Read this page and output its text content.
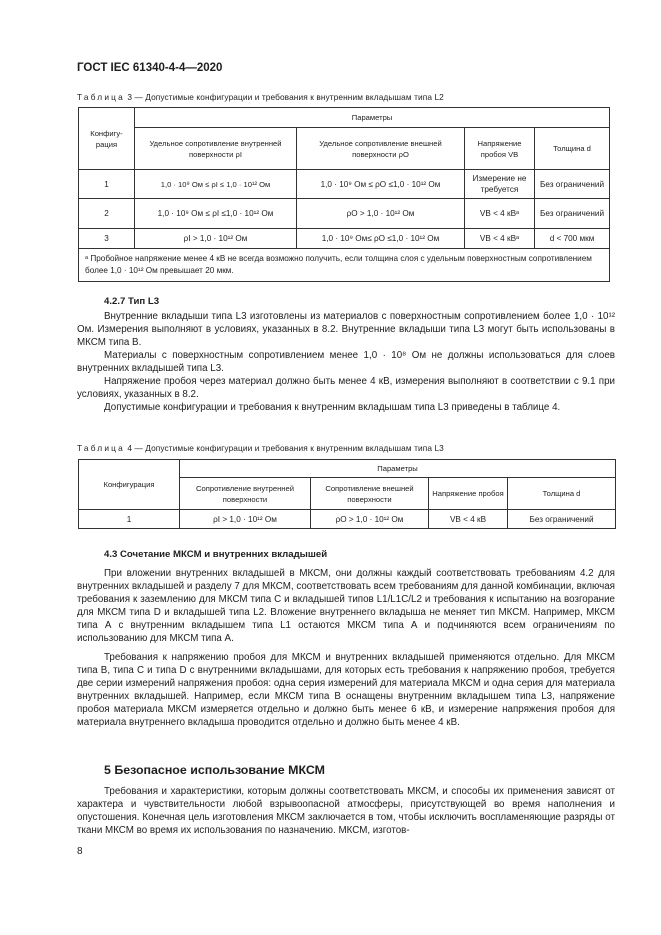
ГОСТ IEC 61340-4-4—2020
Таблица 3 — Допустимые конфигурации и требования к внутренним вкладышам типа L2
Конфигу- рация	Параметры			
	Удельное сопротивление внутренней поверхности ρI	Удельное сопротивление внешней поверхности ρO	Напряжение пробоя VB	Толщина d
1	1,0 · 10⁹ Ом ≤ ρI ≤ 1,0 · 10¹² Ом	1,0 · 10⁹ Ом ≤ ρO ≤1,0 · 10¹² Ом	Измерение не требуется	Без ограничений
2	1,0 · 10⁹ Ом ≤ ρI ≤1,0 · 10¹² Ом	ρO > 1,0 · 10¹² Ом	VB < 4 кВᵃ	Без ограничений
3	ρI > 1,0 · 10¹² Ом	1,0 · 10⁹ Ом≤ ρO ≤1,0 · 10¹² Ом	VB < 4 кВᵃ	d < 700 мкм
ᵃ Пробойное напряжение менее 4 кВ не всегда возможно получить, если толщина слоя с удельным поверхностным сопротивлением более 1,0 · 10¹² Ом превышает 20 мкм.				
4.2.7 Тип L3
Внутренние вкладыши типа L3 изготовлены из материалов с поверхностным сопротивлением более 1,0 · 10¹² Ом. Измерения выполняют в условиях, указанных в 8.2. Внутренние вкладыши типа L3 могут быть использованы в МКСМ типа В.
Материалы с поверхностным сопротивлением менее 1,0 · 10⁸ Ом не должны использоваться для слоев внутренних вкладышей типа L3.
Напряжение пробоя через материал должно быть менее 4 кВ, измерения выполняют в соответствии с 9.1 при условиях, указанных в 8.2.
Допустимые конфигурации и требования к внутренним вкладышам типа L3 приведены в таблице 4.
Таблица 4 — Допустимые конфигурации и требования к внутренним вкладышам типа L3
Конфигурация	Параметры			
	Сопротивление внутренней поверхности	Сопротивление внешней поверхности	Напряжение пробоя	Толщина d
1	ρI > 1,0 · 10¹² Ом	ρO > 1,0 · 10¹² Ом	VB < 4 кВ	Без ограничений
4.3 Сочетание МКСМ и внутренних вкладышей
При вложении внутренних вкладышей в МКСМ, они должны каждый соответствовать требованиям 4.2 для внутренних вкладышей и разделу 7 для МКСМ, соответствовать всем требованиям для данной комбинации, включая требования к заземлению для МКСМ типа С и вкладышей типов L1/L1C/L2 и требования к испытанию на возгорание для МКСМ типа D и вкладышей типа L2. Вложение внутреннего вкладыша не меняет тип МКСМ. Например, МКСМ типа А с внутренним вкладышем типа L1 остаются МКСМ типа А и подчиняются всем ограничениям по использованию для МКСМ типа А.
Требования к напряжению пробоя для МКСМ и внутренних вкладышей применяются отдельно. Для МКСМ типа В, типа С и типа D с внутренними вкладышами, для которых есть требования к напряжению пробоя, требуется две серии измерений напряжения пробоя: одна серия измерений для материала МКСМ и одна серия для материала внутренних вкладышей. Например, если МКСМ типа В оснащены внутренним вкладышем типа L3, напряжение пробоя материала МКСМ измеряется отдельно и должно быть менее 6 кВ, и измерение напряжения пробоя для материала внутреннего вкладыша проводится отдельно и должно быть менее 4 кВ.
5 Безопасное использование МКСМ
Требования и характеристики, которым должны соответствовать МКСМ, и способы их применения зависят от характера и чувствительности любой взрывоопасной атмосферы, присутствующей во время наполнения и опустошения. Конечная цель изготовления МКСМ заключается в том, чтобы исключить воспламеняющие разряды от ткани МКСМ во время их использования по назначению. МКСМ, изготов-
8
